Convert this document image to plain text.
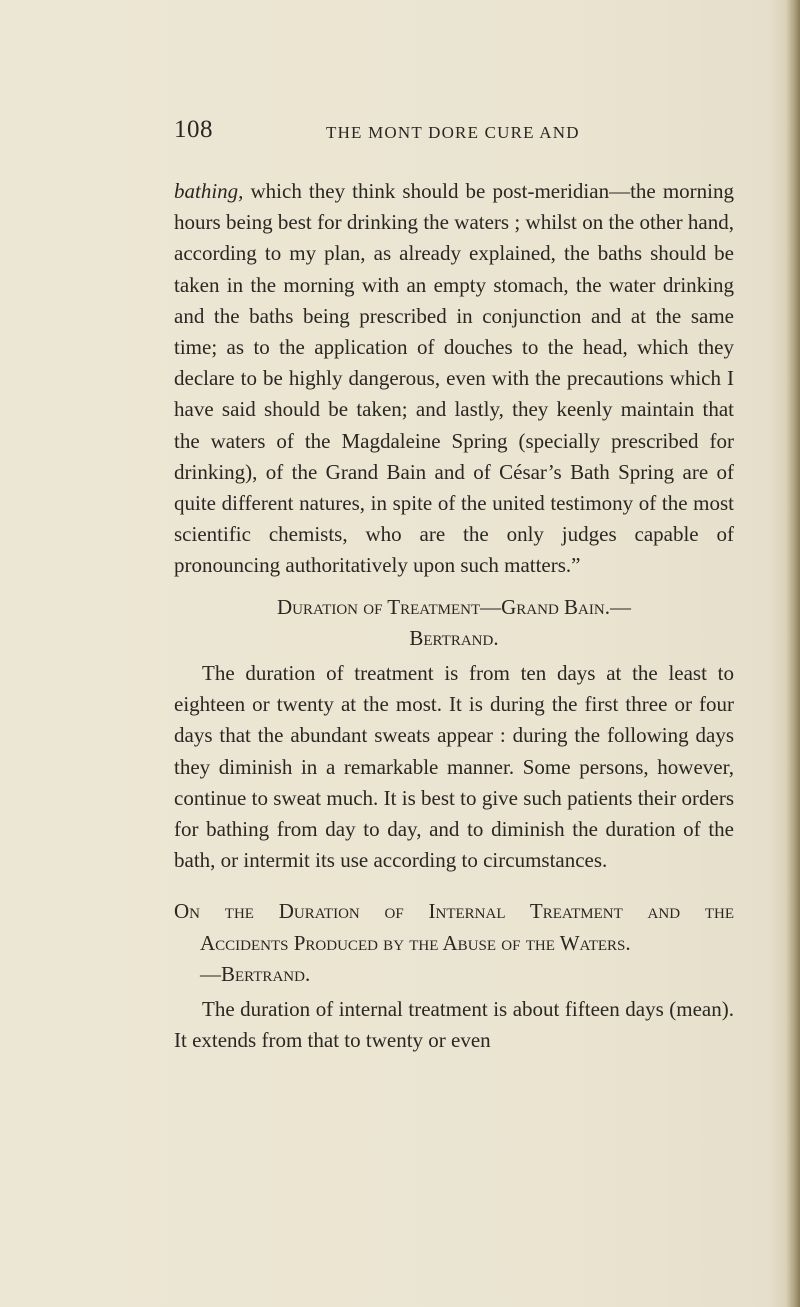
108	THE MONT DORE CURE AND

bathing, which they think should be post-meridian—the morning hours being best for drinking the waters ; whilst on the other hand, according to my plan, as already explained, the baths should be taken in the morning with an empty stomach, the water drinking and the baths being prescribed in conjunction and at the same time; as to the application of douches to the head, which they declare to be highly dangerous, even with the precautions which I have said should be taken; and lastly, they keenly maintain that the waters of the Magdaleine Spring (specially prescribed for drinking), of the Grand Bain and of César’s Bath Spring are of quite different natures, in spite of the united testimony of the most scientific chemists, who are the only judges capable of pronouncing authoritatively upon such matters.”

Duration of Treatment—Grand Bain.—
Bertrand.

The duration of treatment is from ten days at the least to eighteen or twenty at the most. It is during the first three or four days that the abundant sweats appear : during the following days they diminish in a remarkable manner. Some persons, however, continue to sweat much. It is best to give such patients their orders for bathing from day to day, and to diminish the duration of the bath, or intermit its use according to circumstances.

On the Duration of Internal Treatment and the
Accidents Produced by the Abuse of the Waters.
—Bertrand.

The duration of internal treatment is about fifteen days (mean). It extends from that to twenty or even
